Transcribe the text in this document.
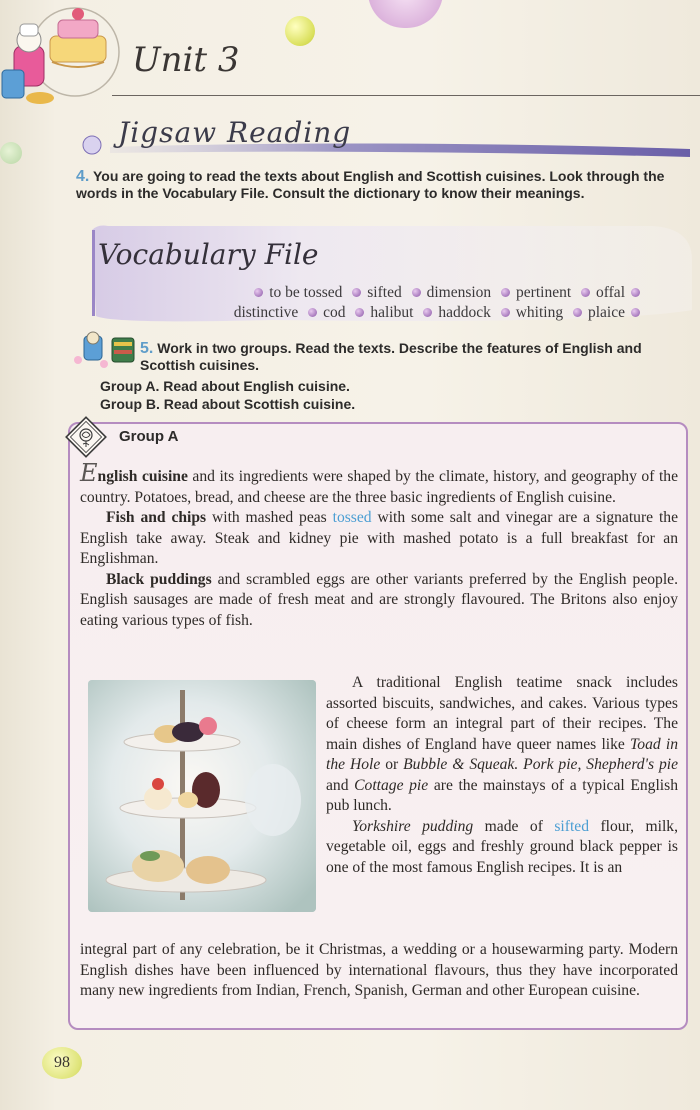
Unit 3
Jigsaw Reading
4. You are going to read the texts about English and Scottish cuisines. Look through the words in the Vocabulary File. Consult the dictionary to know their meanings.
Vocabulary File
to be tossed sifted dimension pertinent offal
distinctive cod halibut haddock whiting plaice
5. Work in two groups. Read the texts. Describe the features of English and Scottish cuisines.
Group A. Read about English cuisine.
Group B. Read about Scottish cuisine.
Group A

English cuisine and its ingredients were shaped by the climate, history, and geography of the country. Potatoes, bread, and cheese are the three basic ingredients of English cuisine.

Fish and chips with mashed peas tossed with some salt and vinegar are a signature the English take away. Steak and kidney pie with mashed potato is a full breakfast for an Englishman.

Black puddings and scrambled eggs are other variants preferred by the English people. English sausages are made of fresh meat and are strongly flavoured. The Britons also enjoy eating various types of fish.

A traditional English teatime snack includes assorted biscuits, sandwiches, and cakes. Various types of cheese form an integral part of their recipes. The main dishes of England have queer names like Toad in the Hole or Bubble & Squeak. Pork pie, Shepherd's pie and Cottage pie are the mainstays of a typical English pub lunch.

Yorkshire pudding made of sifted flour, milk, vegetable oil, eggs and freshly ground black pepper is one of the most famous English recipes. It is an

integral part of any celebration, be it Christmas, a wedding or a housewarming party. Modern English dishes have been influenced by international flavours, thus they have incorporated many new ingredients from Indian, French, Spanish, German and other European cuisine.

98
